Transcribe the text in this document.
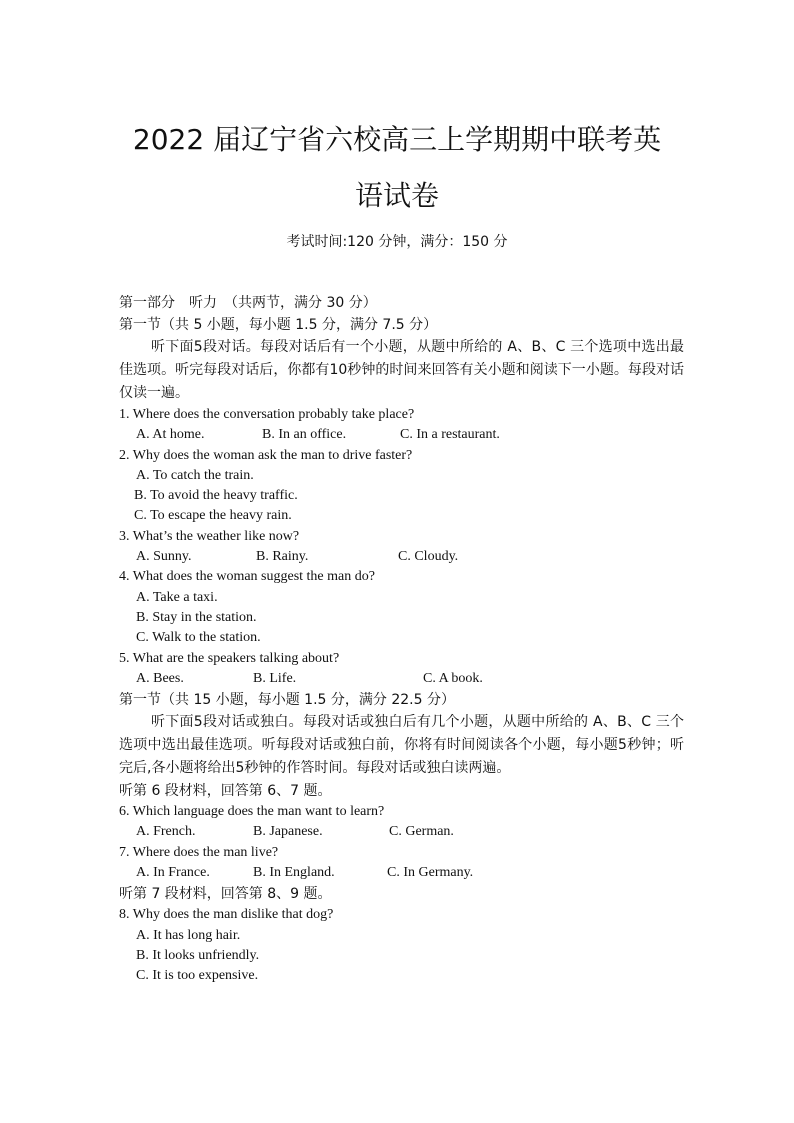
2022 届辽宁省六校高三上学期期中联考英
语试卷
考试时间:120 分钟，满分：150 分
第一部分　听力　（共两节，满分 30 分）
第一节（共 5 小题，每小题 1.5 分，满分 7.5 分）
听下面5段对话。每段对话后有一个小题，从题中所给的 A、B、C 三个选项中选出最佳选项。听完每段对话后，你都有10秒钟的时间来回答有关小题和阅读下一小题。每段对话仅读一遍。
1. Where does the conversation probably take place?
A. At home.	B. In an office.	C. In a restaurant.
2. Why does the woman ask the man to drive faster?
A. To catch the train.
B. To avoid the heavy traffic.
C. To escape the heavy rain.
3. What’s the weather like now?
A. Sunny.	B. Rainy.	C. Cloudy.
4. What does the woman suggest the man do?
A. Take a taxi.
B. Stay in the station.
C. Walk to the station.
5. What are the speakers talking about?
A. Bees.	B. Life.	C. A book.
第一节（共 15 小题，每小题 1.5 分，满分 22.5 分）
听下面5段对话或独白。每段对话或独白后有几个小题，从题中所给的 A、B、C 三个选项中选出最佳选项。听每段对话或独白前，你将有时间阅读各个小题，每小题5秒钟；听完后,各小题将给出5秒钟的作答时间。每段对话或独白读两遍。
听第 6 段材料，回答第 6、7 题。
6. Which language does the man want to learn?
A. French.	B. Japanese.	C. German.
7. Where does the man live?
A. In France.	B. In England.	C. In Germany.
听第 7 段材料，回答第 8、9 题。
8. Why does the man dislike that dog?
A. It has long hair.
B. It looks unfriendly.
C. It is too expensive.
